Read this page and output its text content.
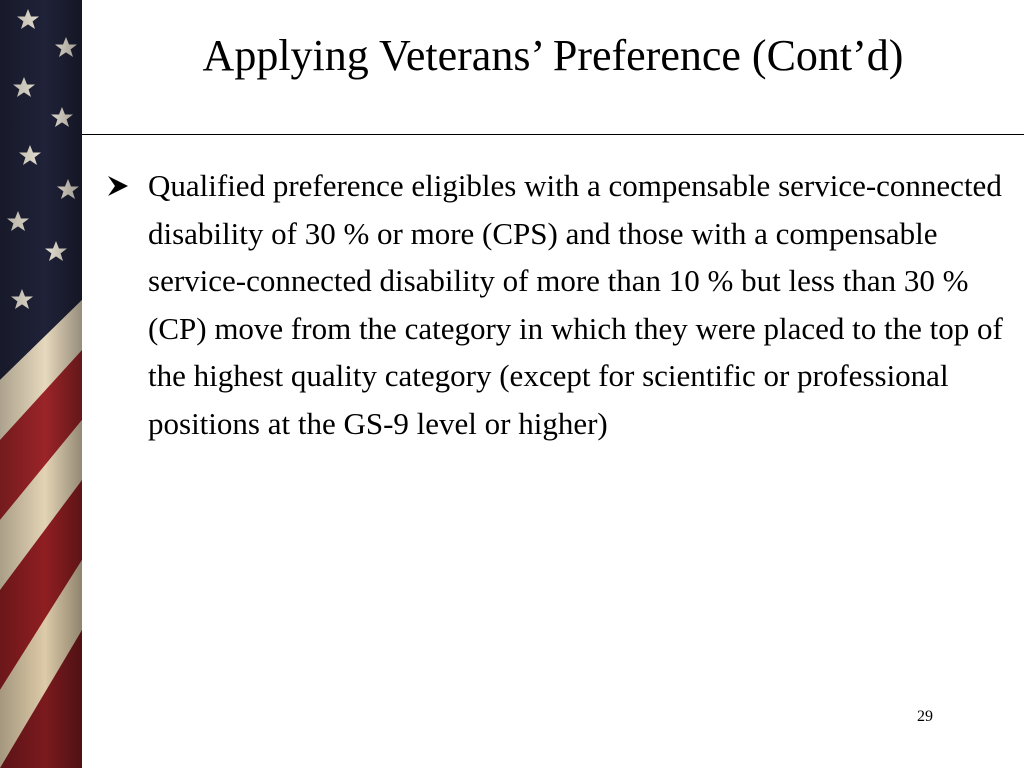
Applying Veterans’ Preference (Cont’d)
Qualified preference eligibles with a compensable service-connected disability of 30 % or more (CPS) and those with a compensable service-connected disability of more than 10 % but less than 30 % (CP) move from the category in which they were placed to the top of the highest quality category (except for scientific or professional positions at the GS-9 level or higher)
29
